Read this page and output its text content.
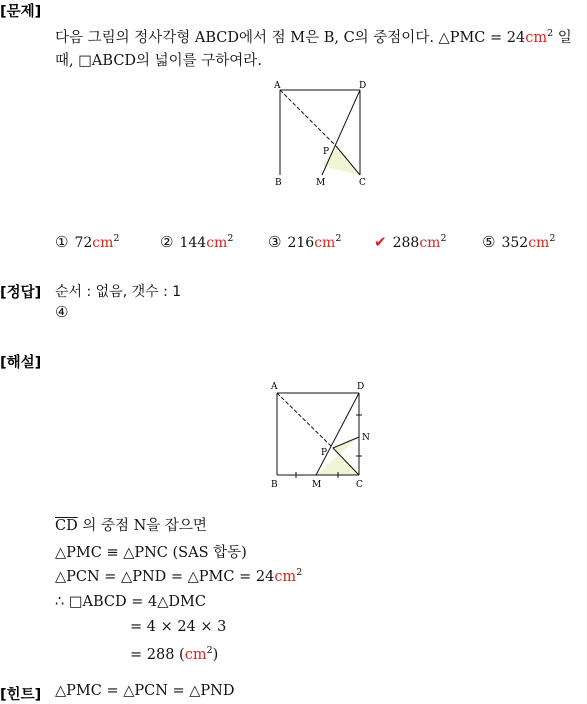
[문제]
다음 그림의 정사각형 ABCD에서 점 M은 B, C의 중점이다. △PMC = $24cm^2$ 일
때, □ABCD의 넓이를 구하여라.
A	D
P
B	M	C
① $72cm^2$	② $144cm^2$ ③ $216cm^2$ ✔ $288cm^2$ ⑤ $352cm^2$
[정답] 순서 : 없음, 갯수 : 1
④
[해설]
A	D
N
P
B	M	C
$\overline{CD}$ 의 중점 N을 잡으면
△PMC ≡ △PNC (SAS 합동)
△PCN = △PND = △PMC = $24cm^2$
∴ □ABCD = 4△DMC
= 4 × 24 × 3
= 288 $(cm^2)$
[힌트] △PMC = △PCN = △PND
